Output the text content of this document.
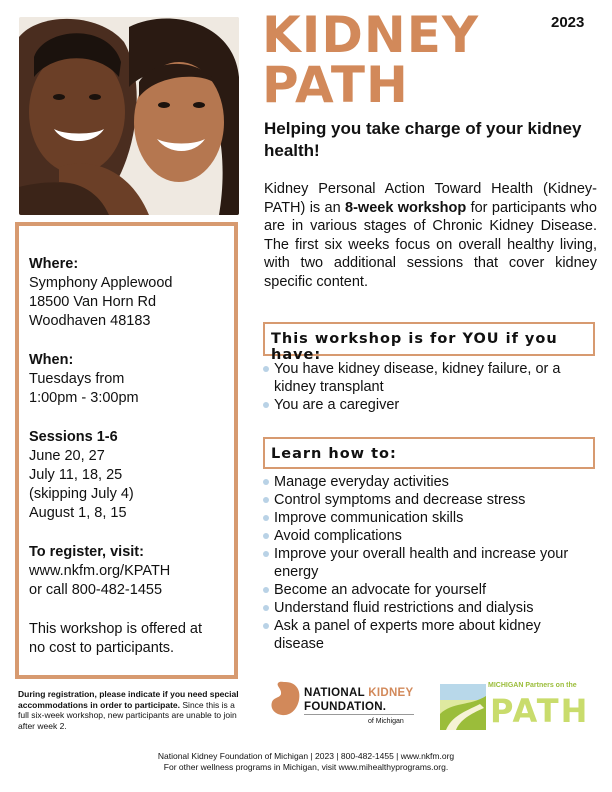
2023
KIDNEY
PATH
Helping you take charge of your kidney health!

Kidney Personal Action Toward Health (Kidney-PATH) is an 8-week workshop for participants who are in various stages of Chronic Kidney Disease. The first six weeks focus on overall healthy living, with two additional sessions that cover kidney specific content.

Where:
Symphony Applewood
18500 Van Horn Rd
Woodhaven 48183
When:
Tuesdays from
1:00pm - 3:00pm
Sessions 1-6
June 20, 27
July 11, 18, 25
(skipping July 4)
August 1, 8, 15
To register, visit:
www.nkfm.org/KPATH
or call 800-482-1455
This workshop is offered at
no cost to participants.
This workshop is for YOU if you have:
You have kidney disease, kidney failure, or a kidney transplant
You are a caregiver
Learn how to:
Manage everyday activities
Control symptoms and decrease stress
Improve communication skills
Avoid complications
Improve your overall health and increase your energy
Become an advocate for yourself
Understand fluid restrictions and dialysis
Ask a panel of experts more about kidney disease

During registration, please indicate if you need special accommodations in order to participate. Since this is a full six-week workshop, new participants are unable to join after week 2.

NATIONAL KIDNEY
FOUNDATION.
of Michigan
MICHIGAN Partners on the
PATH
National Kidney Foundation of Michigan | 2023 | 800-482-1455 | www.nkfm.org
For other wellness programs in Michigan, visit www.mihealthyprograms.org.
